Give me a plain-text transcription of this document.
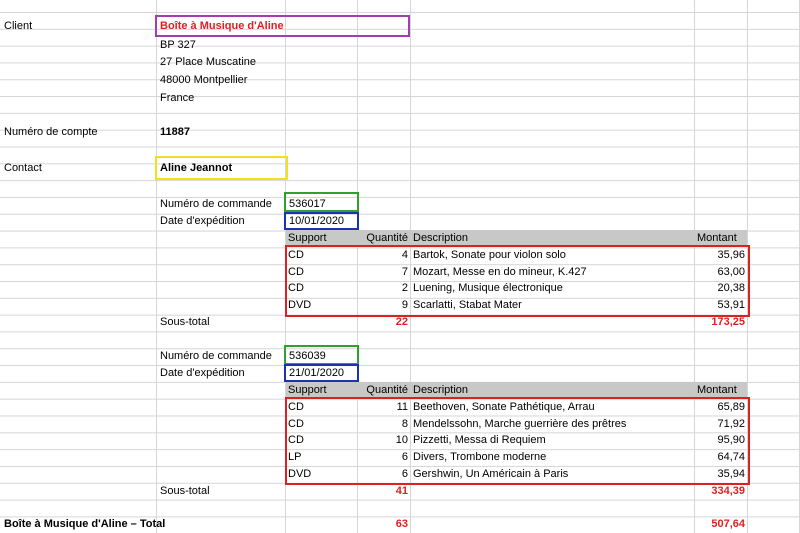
Client	Boîte à Musique d'Aline
BP 327
27 Place Muscatine
48000 Montpellier
France
Numéro de compte	11887
Contact	Aline Jeannot
Numéro de commande	536017
Date d'expédition	10/01/2020
Support	Quantité Description	Montant
CD	4 Bartok, Sonate pour violon solo	35,96
CD	7 Mozart, Messe en do mineur, K.427	63,00
CD	2 Luening, Musique électronique	20,38
DVD	9 Scarlatti, Stabat Mater	53,91
Sous-total	22	173,25
Numéro de commande	536039
Date d'expédition	21/01/2020
Support	Quantité Description	Montant
CD	11 Beethoven, Sonate Pathétique, Arrau	65,89
CD	8 Mendelssohn, Marche guerrière des prêtres	71,92
CD	10 Pizzetti, Messa di Requiem	95,90
LP	6 Divers, Trombone moderne	64,74
DVD	6 Gershwin, Un Américain à Paris	35,94
Sous-total	41	334,39
Boîte à Musique d'Aline – Total	63	507,64
